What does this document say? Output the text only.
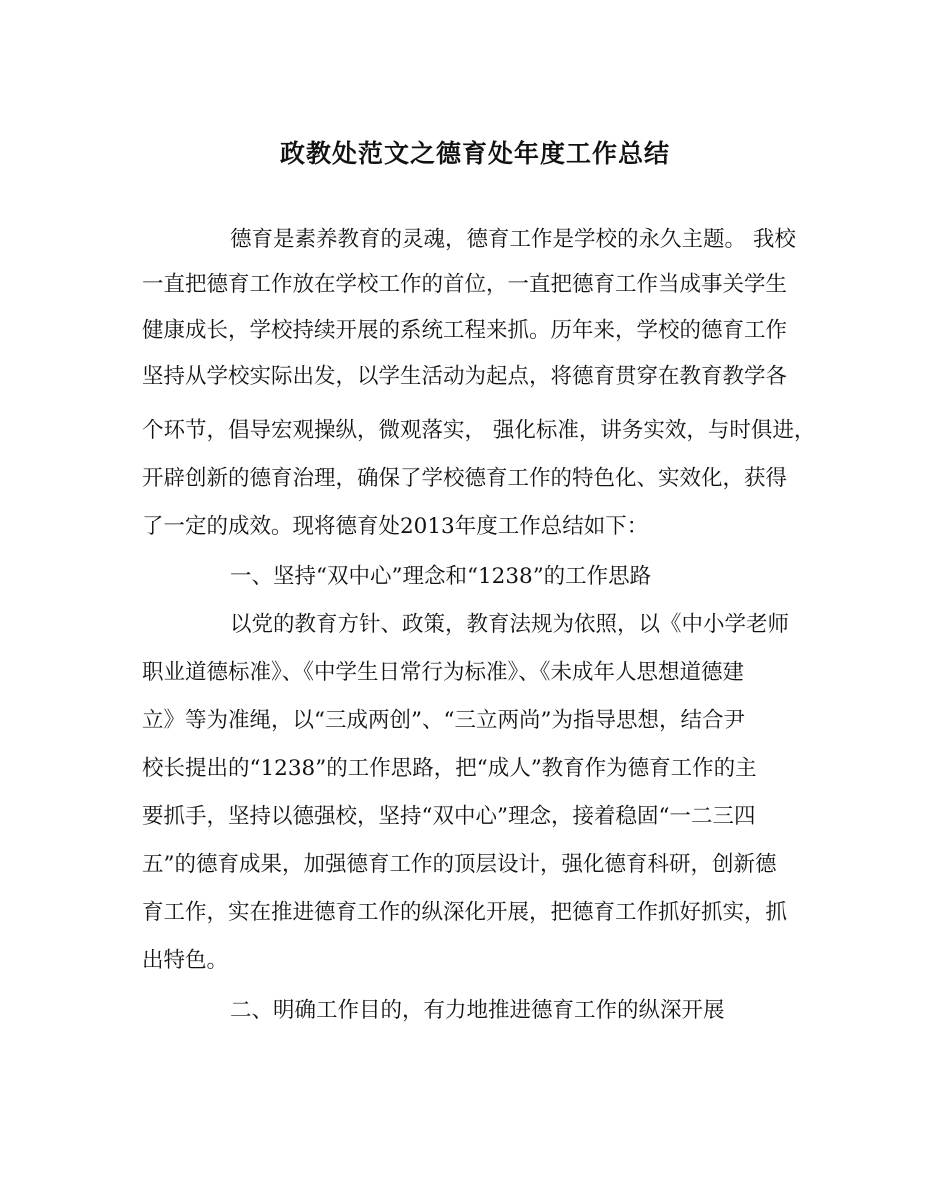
政教处范文之德育处年度工作总结

德育是素养教育的灵魂，德育工作是学校的永久主题。 我校

一直把德育工作放在学校工作的首位，一直把德育工作当成事关学生

健康成长，学校持续开展的系统工程来抓。历年来，学校的德育工作

坚持从学校实际出发，以学生活动为起点，将德育贯穿在教育教学各

个环节，倡导宏观操纵，微观落实， 强化标准，讲务实效，与时俱进，

开辟创新的德育治理，确保了学校德育工作的特色化、实效化，获得

了一定的成效。现将德育处2013年度工作总结如下：

一、坚持“双中心”理念和“1238”的工作思路

以党的教育方针、政策，教育法规为依照，以《中小学老师

职业道德标准》、《中学生日常行为标准》、《未成年人思想道德建

立》等为准绳，以“三成两创”、“三立两尚”为指导思想，结合尹

校长提出的“1238”的工作思路，把“成人”教育作为德育工作的主

要抓手，坚持以德强校，坚持“双中心”理念，接着稳固“一二三四

五”的德育成果，加强德育工作的顶层设计，强化德育科研，创新德

育工作，实在推进德育工作的纵深化开展，把德育工作抓好抓实，抓

出特色。

二、明确工作目的，有力地推进德育工作的纵深开展
